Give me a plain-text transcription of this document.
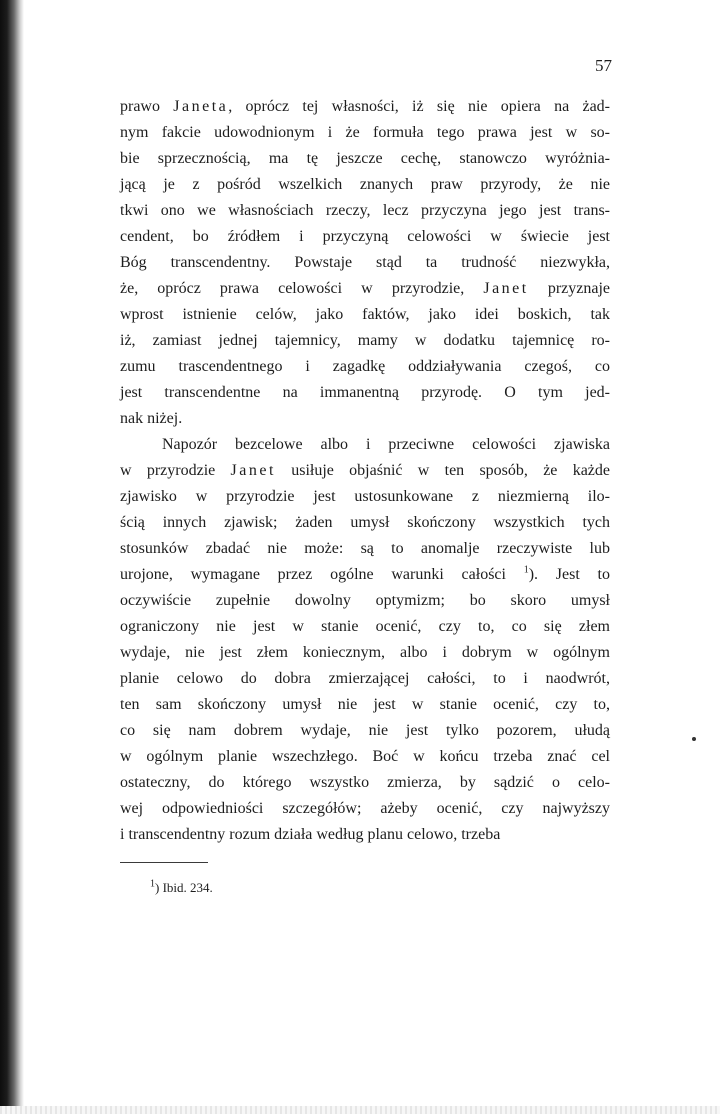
57

prawo Janeta, oprócz tej własności, iż się nie opiera na żad-
nym fakcie udowodnionym i że formuła tego prawa jest w so-
bie sprzecznością, ma tę jeszcze cechę, stanowczo wyróżnia-
jącą je z pośród wszelkich znanych praw przyrody, że nie
tkwi ono we własnościach rzeczy, lecz przyczyna jego jest trans-
cendent, bo źródłem i przyczyną celowości w świecie jest
Bóg transcendentny. Powstaje stąd ta trudność niezwykła,
że, oprócz prawa celowości w przyrodzie, Janet przyznaje
wprost istnienie celów, jako faktów, jako idei boskich, tak
iż, zamiast jednej tajemnicy, mamy w dodatku tajemnicę ro-
zumu trascendentnego i zagadkę oddziaływania czegoś, co
jest transcendentne na immanentną przyrodę. O tym jed-
nak niżej.

Napozór bezcelowe albo i przeciwne celowości zjawiska
w przyrodzie Janet usiłuje objaśnić w ten sposób, że każde
zjawisko w przyrodzie jest ustosunkowane z niezmierną ilo-
ścią innych zjawisk; żaden umysł skończony wszystkich tych
stosunków zbadać nie może: są to anomalje rzeczywiste lub
urojone, wymagane przez ogólne warunki całości $^1$). Jest to
oczywiście zupełnie dowolny optymizm; bo skoro umysł
ograniczony nie jest w stanie ocenić, czy to, co się złem
wydaje, nie jest złem koniecznym, albo i dobrym w ogólnym
planie celowo do dobra zmierzającej całości, to i naodwrót,
ten sam skończony umysł nie jest w stanie ocenić, czy to,
co się nam dobrem wydaje, nie jest tylko pozorem, ułudą
w ogólnym planie wszechzłego. Boć w końcu trzeba znać cel
ostateczny, do którego wszystko zmierza, by sądzić o celo-
wej odpowiedniości szczegółów; ażeby ocenić, czy najwyższy
i transcendentny rozum działa według planu celowo, trzeba

$^1$) Ibid. 234.
